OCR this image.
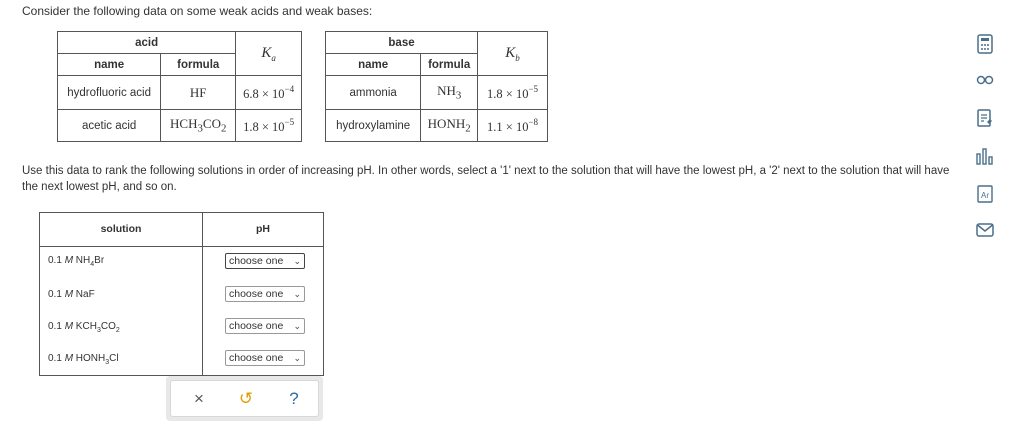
Consider the following data on some weak acids and weak bases:
acid		$K_a$
name	formula	
hydrofluoric acid	HF	$6.8 \times 10^{-4}$
acetic acid	$HCH_3CO_2$	$1.8 \times 10^{-5}$
base		$K_b$
name	formula	
ammonia	$NH_3$	$1.8 \times 10^{-5}$
hydroxylamine	$HONH_2$	$1.1 \times 10^{-8}$
Use this data to rank the following solutions in order of increasing pH. In other words, select a '1' next to the solution that will have the lowest pH, a '2' next to the solution that will have the next lowest pH, and so on.
solution	pH
0.1 M $NH_4Br$	choose one ⌄
0.1 M NaF	choose one ⌄
0.1 M $KCH_3CO_2$	choose one ⌄
0.1 M $HONH_3Cl$	choose one ⌄
× ↺	?
Ar
